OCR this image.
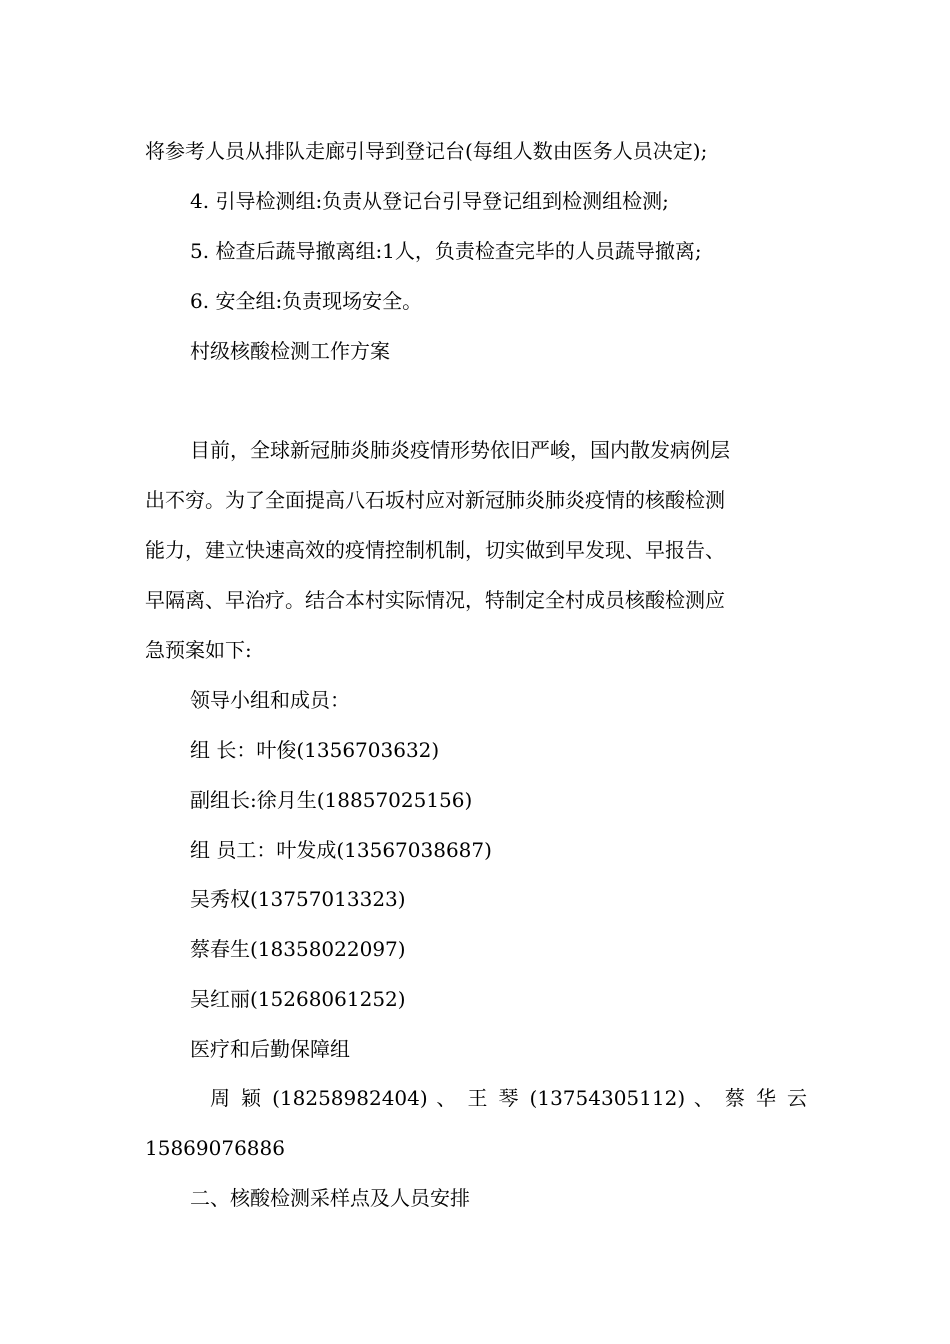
将参考人员从排队走廊引导到登记台(每组人数由医务人员决定);
4. 引导检测组:负责从登记台引导登记组到检测组检测;
5. 检查后蔬导撤离组:1人，负责检查完毕的人员蔬导撤离;
6. 安全组:负责现场安全。
村级核酸检测工作方案
目前，全球新冠肺炎肺炎疫情形势依旧严峻，国内散发病例层
出不穷。为了全面提高八石坂村应对新冠肺炎肺炎疫情的核酸检测
能力，建立快速高效的疫情控制机制，切实做到早发现、早报告、
早隔离、早治疗。结合本村实际情况，特制定全村成员核酸检测应
急预案如下:
领导小组和成员：
组 长：叶俊(1356703632)
副组长:徐月生(18857025156)
组 员工：叶发成(13567038687)
吴秀权(13757013323)
蔡春生(18358022097)
吴红丽(15268061252)
医疗和后勤保障组
周 颖 (18258982404) 、 王 琴 (13754305112) 、 蔡 华 云
15869076886
二、核酸检测采样点及人员安排
